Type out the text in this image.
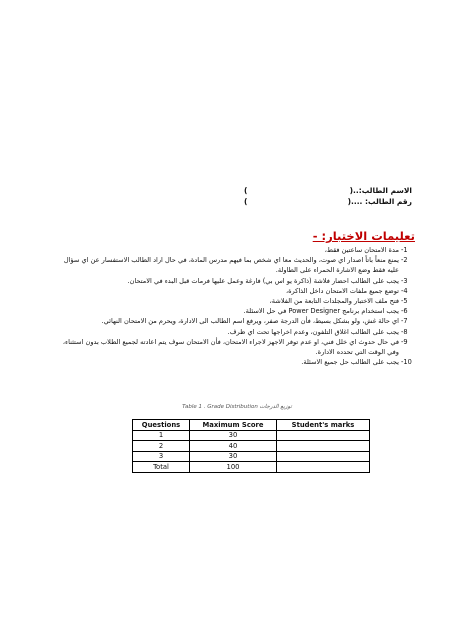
الاسم الطالب:..(
)
رقم الطالب: ....(
)
تعليمات الاختبار: -
-1
مدة الامتحان ساعتين فقط،
-2
يمنع منعاً باتاً اصدار اي صوت، والحديث معا اي شخص بما فيهم مدرس المادة، في حال اراد الطالب الاستفسار عن اي سؤال عليه فقط وضع الاشارة الحمراء على الطاولة.
-3
يجب على الطالب احضار فلاشة (ذاكرة يو اس بي) فارغة وعمل عليها فرمات قبل البدء في الامتحان.
-4
توضع جميع ملفات الامتحان داخل الذاكرة،
-5
فتح ملف الاختبار والمجلدات التابعة من الفلاشة،
-6
يجب استخدام برنامج Power Designer في حل الاسئلة.
-7
اي حالة غش، ولو بشكل بسيط، فأن الدرجة صفر، ويرفع اسم الطالب الى الادارة، ويحرم من الامتحان النهائي.
-8
يجب على الطالب اغلاق التلفون، وعدم اخراجها تحت اي ظرف.
-9
في حال حدوث اي خلل فني، او عدم توفر الاجهز لاجراء الامتحان، فأن الامتحان سوف يتم اعادته لجميع الطلاب بدون استثناء، وفي الوقت التي تحدده الادارة.
-10
يجب على الطالب حل جميع الاسئلة.
Table 1 . Grade Distribution توزيع الدرجات
Questions	Maximum Score	Student's marks
1	30	
2	40	
3	30	
Total	100	
